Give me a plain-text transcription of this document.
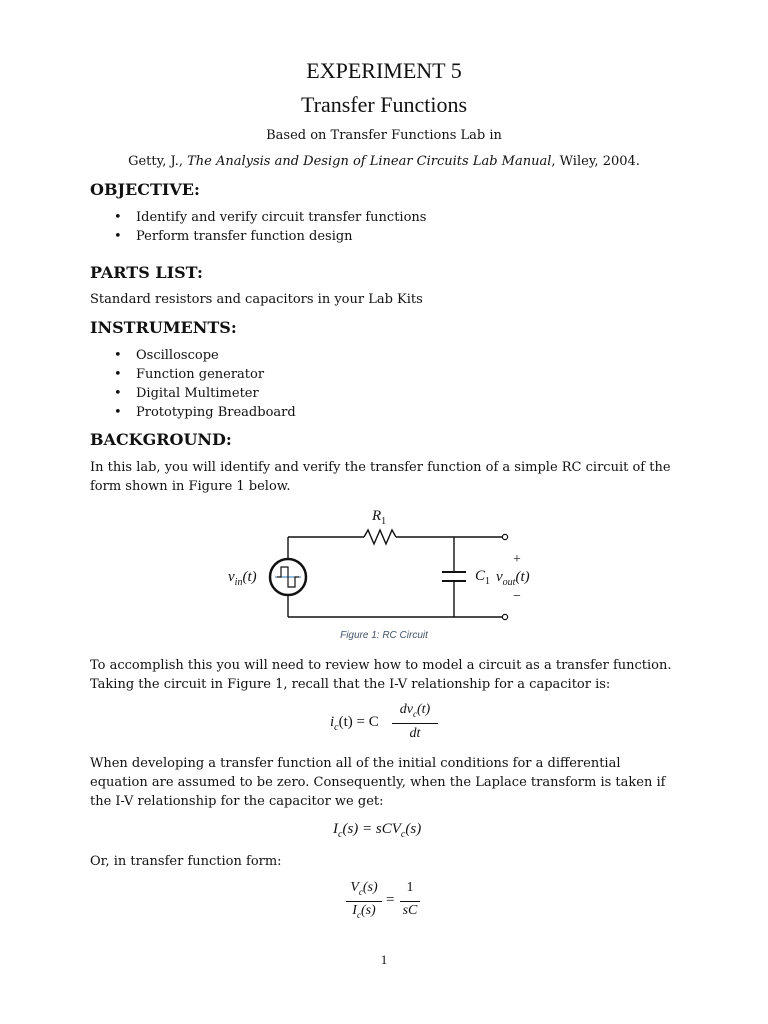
EXPERIMENT 5
Transfer Functions
Based on Transfer Functions Lab in
Getty, J., The Analysis and Design of Linear Circuits Lab Manual, Wiley, 2004.
OBJECTIVE:
• Identify and verify circuit transfer functions
• Perform transfer function design
PARTS LIST:
Standard resistors and capacitors in your Lab Kits
INSTRUMENTS:
• Oscilloscope
• Function generator
• Digital Multimeter
• Prototyping Breadboard
BACKGROUND:
In this lab, you will identify and verify the transfer function of a simple RC circuit of the form shown in Figure 1 below.
$R_1$
$C_1$
$v_{in}(t)$	$v_{out}(t)$
+
−
Figure 1: RC Circuit
To accomplish this you will need to review how to model a circuit as a transfer function. Taking the circuit in Figure 1, recall that the I-V relationship for a capacitor is:
$i_c(t) = C$
$dv_c(t)$
dt
When developing a transfer function all of the initial conditions for a differential equation are assumed to be zero. Consequently, when the Laplace transform is taken if the I-V relationship for the capacitor we get:
$I_c(s) = sCV_c(s)$
Or, in transfer function form:
$V_c(s)$
$I_c(s)$
=
1
sC
1
